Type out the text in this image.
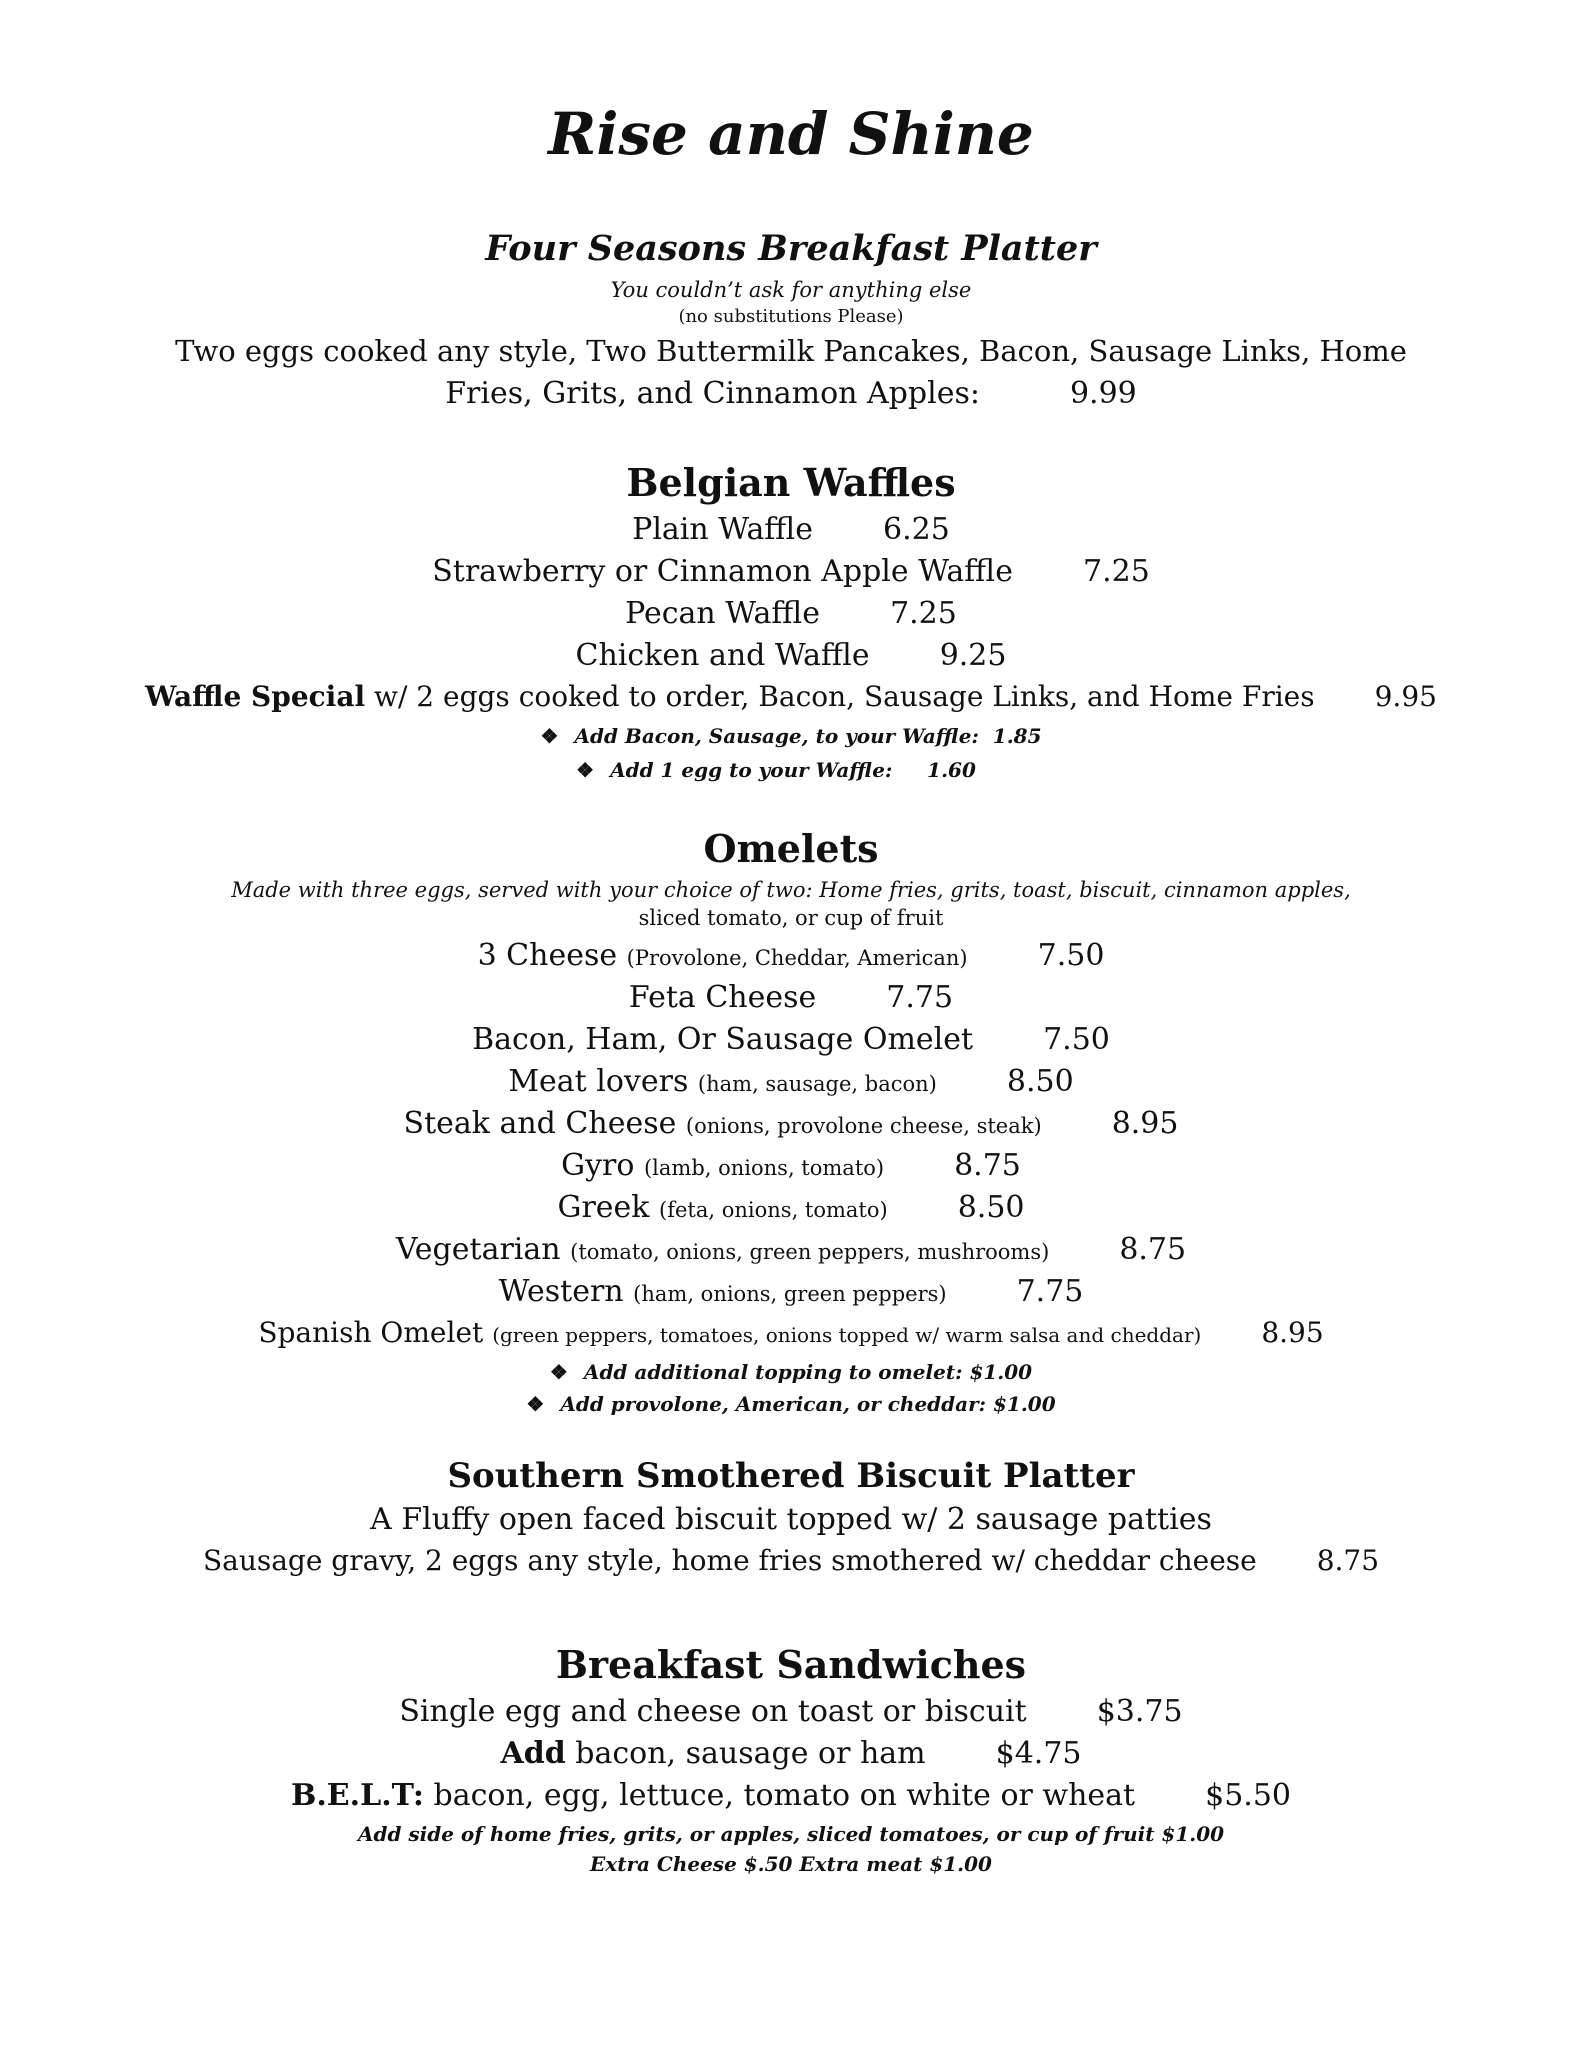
Rise and Shine
Four Seasons Breakfast Platter
You couldn’t ask for anything else
(no substitutions Please)
Two eggs cooked any style, Two Buttermilk Pancakes, Bacon, Sausage Links, Home
Fries, Grits, and Cinnamon Apples:	9.99
Belgian Waffles
Plain Waffle 6.25
Strawberry or Cinnamon Apple Waffle 7.25
Pecan Waffle 7.25
Chicken and Waffle 9.25
Waffle Special w/ 2 eggs cooked to order, Bacon, Sausage Links, and Home Fries 9.95
❖ Add Bacon, Sausage, to your Waffle: 1.85
❖ Add 1 egg to your Waffle: 1.60
Omelets
Made with three eggs, served with your choice of two: Home fries, grits, toast, biscuit, cinnamon apples,
sliced tomato, or cup of fruit
3 Cheese (Provolone, Cheddar, American) 7.50
Feta Cheese 7.75
Bacon, Ham, Or Sausage Omelet 7.50
Meat lovers (ham, sausage, bacon) 8.50
Steak and Cheese (onions, provolone cheese, steak) 8.95
Gyro (lamb, onions, tomato) 8.75
Greek (feta, onions, tomato) 8.50
Vegetarian (tomato, onions, green peppers, mushrooms) 8.75
Western (ham, onions, green peppers) 7.75
Spanish Omelet (green peppers, tomatoes, onions topped w/ warm salsa and cheddar) 8.95
❖ Add additional topping to omelet: $1.00
❖ Add provolone, American, or cheddar: $1.00
Southern Smothered Biscuit Platter
A Fluffy open faced biscuit topped w/ 2 sausage patties
Sausage gravy, 2 eggs any style, home fries smothered w/ cheddar cheese 8.75
Breakfast Sandwiches
Single egg and cheese on toast or biscuit $3.75
Add bacon, sausage or ham $4.75
B.E.L.T: bacon, egg, lettuce, tomato on white or wheat $5.50
Add side of home fries, grits, or apples, sliced tomatoes, or cup of fruit $1.00
Extra Cheese $.50 Extra meat $1.00
